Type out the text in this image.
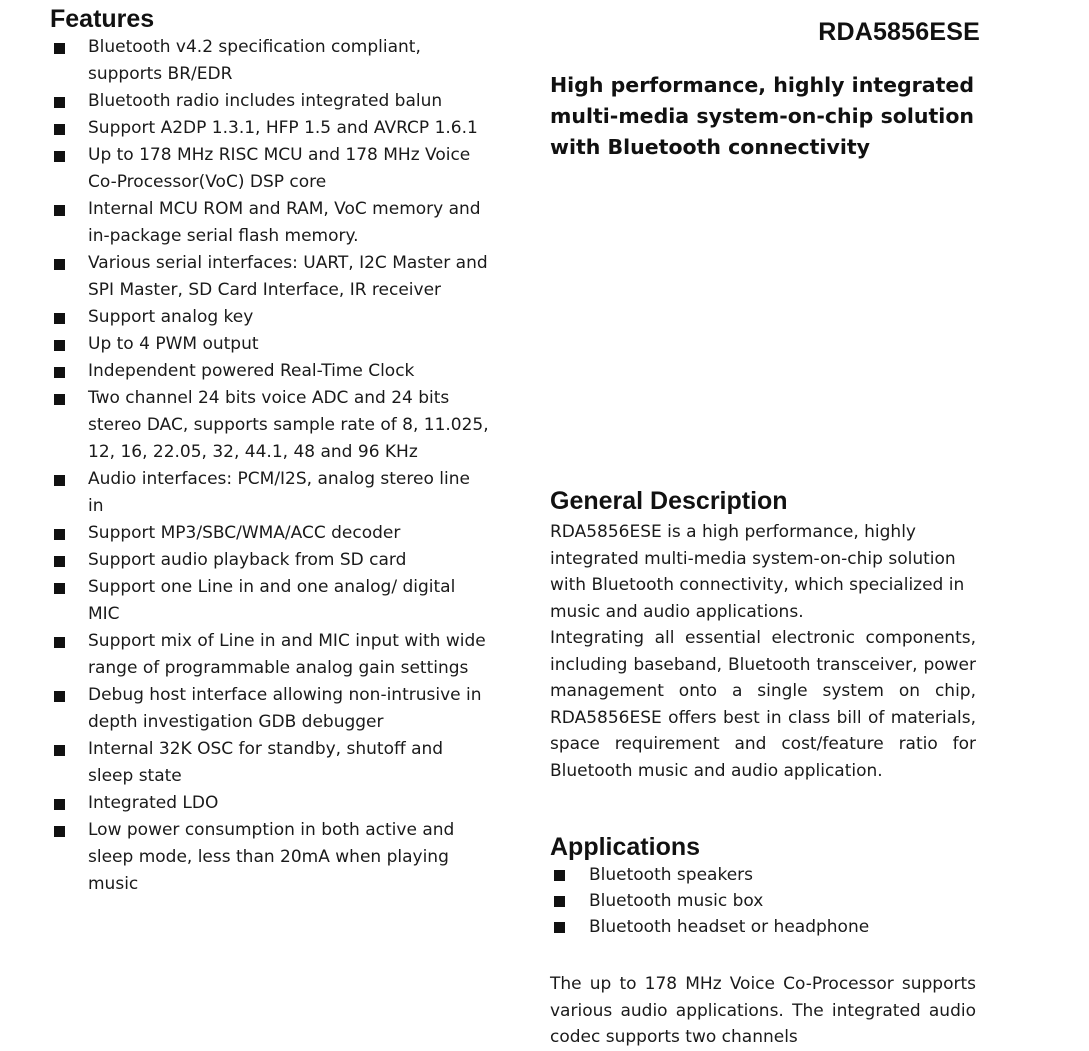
Features
Bluetooth v4.2 specification compliant, supports BR/EDR
Bluetooth radio includes integrated balun
Support A2DP 1.3.1, HFP 1.5 and AVRCP 1.6.1
Up to 178 MHz RISC MCU and 178 MHz Voice Co-Processor(VoC) DSP core
Internal MCU ROM and RAM, VoC memory and in-package serial flash memory.
Various serial interfaces: UART, I2C Master and SPI Master, SD Card Interface, IR receiver
Support analog key
Up to 4 PWM output
Independent powered Real-Time Clock
Two channel 24 bits voice ADC and 24 bits stereo DAC, supports sample rate of 8, 11.025, 12, 16, 22.05, 32, 44.1, 48 and 96 KHz
Audio interfaces: PCM/I2S, analog stereo line in
Support MP3/SBC/WMA/ACC decoder
Support audio playback from SD card
Support one Line in and one analog/ digital MIC
Support mix of Line in and MIC input with wide range of programmable analog gain settings
Debug host interface allowing non-intrusive in depth investigation GDB debugger
Internal 32K OSC for standby, shutoff and sleep state
Integrated LDO
Low power consumption in both active and sleep mode, less than 20mA when playing music
RDA5856ESE
High performance, highly integrated multi-media system-on-chip solution with Bluetooth connectivity
General Description

RDA5856ESE is a high performance, highly integrated multi-media system-on-chip solution with Bluetooth connectivity, which specialized in music and audio applications.

Integrating all essential electronic components, including baseband, Bluetooth transceiver, power management onto a single system on chip, RDA5856ESE offers best in class bill of materials, space requirement and cost/feature ratio for Bluetooth music and audio application.

Applications
Bluetooth speakers
Bluetooth music box
Bluetooth headset or headphone

The up to 178 MHz Voice Co-Processor supports various audio applications. The integrated audio codec supports two channels
